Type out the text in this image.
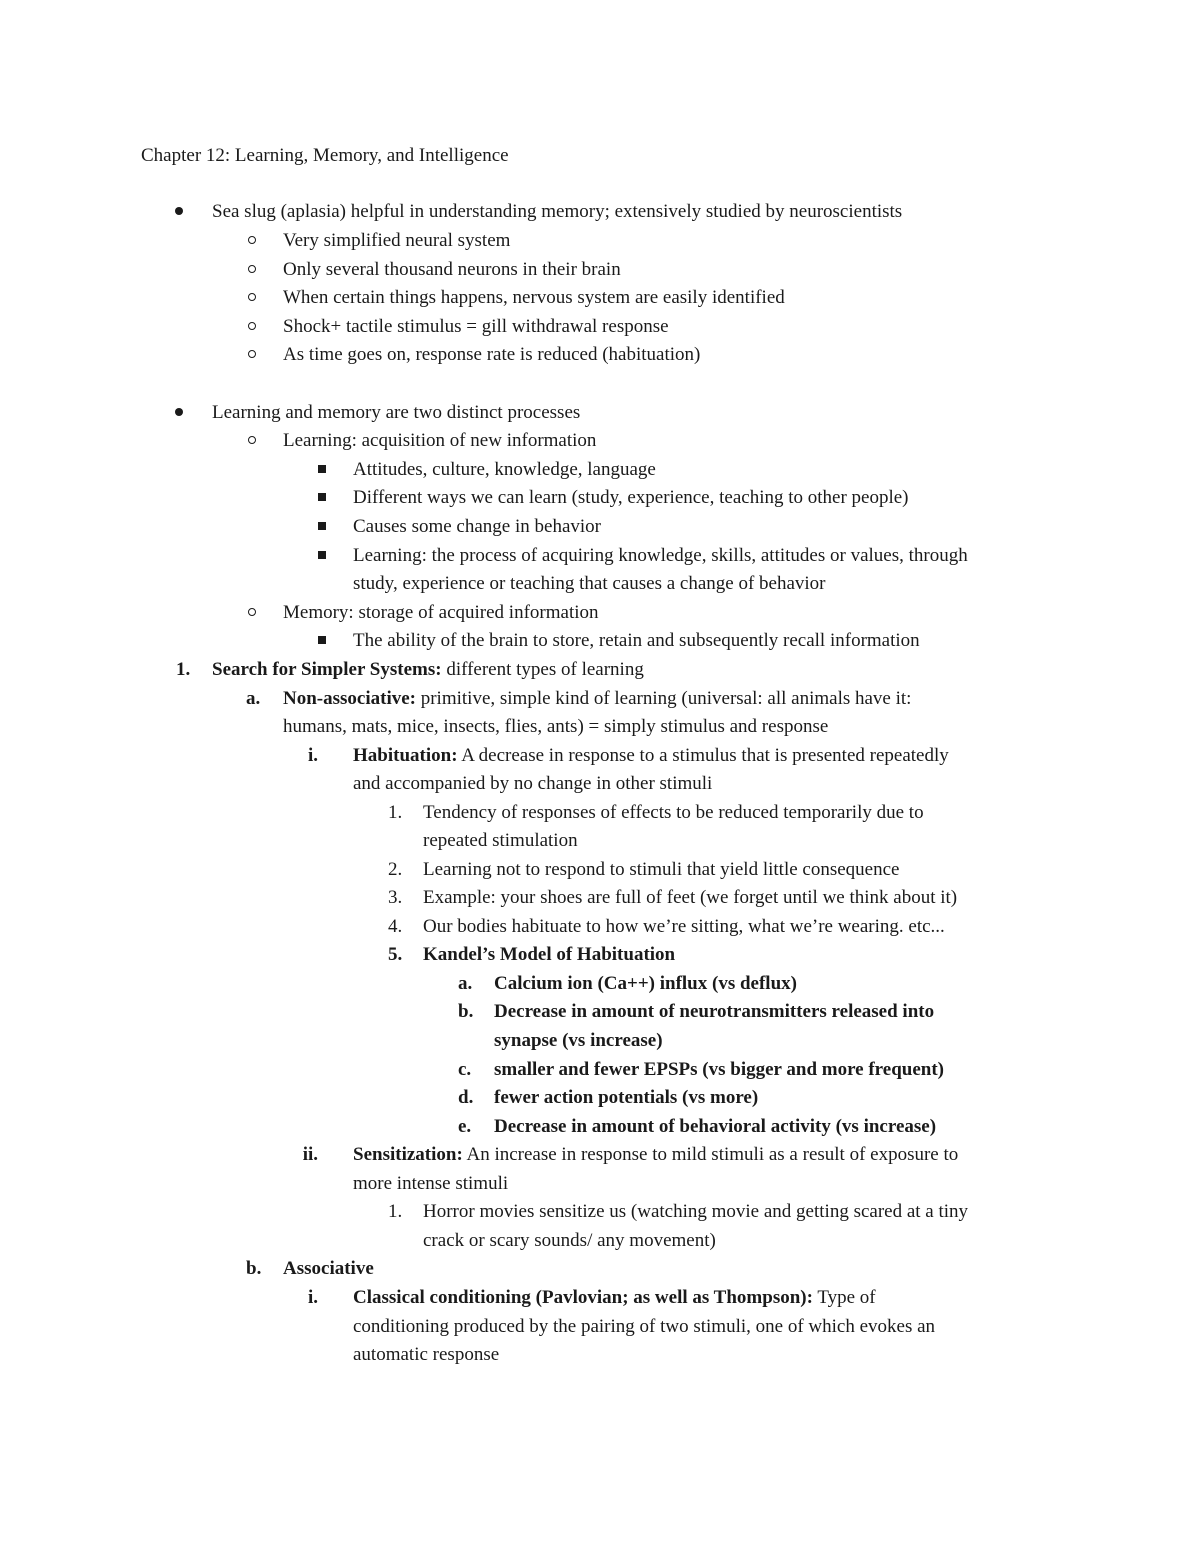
Chapter 12: Learning, Memory, and Intelligence
Sea slug (aplasia) helpful in understanding memory; extensively studied by neuroscientists
Very simplified neural system
Only several thousand neurons in their brain
When certain things happens, nervous system are easily identified
Shock+ tactile stimulus = gill withdrawal response
As time goes on, response rate is reduced (habituation)
Learning and memory are two distinct processes
Learning: acquisition of new information
Attitudes, culture, knowledge, language
Different ways we can learn (study, experience, teaching to other people)
Causes some change in behavior
Learning: the process of acquiring knowledge, skills, attitudes or values, through
study, experience or teaching that causes a change of behavior
Memory: storage of acquired information
The ability of the brain to store, retain and subsequently recall information
1. Search for Simpler Systems: different types of learning
a. Non-associative: primitive, simple kind of learning (universal: all animals have it:
humans, mats, mice, insects, flies, ants) = simply stimulus and response
i. Habituation: A decrease in response to a stimulus that is presented repeatedly
and accompanied by no change in other stimuli
1. Tendency of responses of effects to be reduced temporarily due to
repeated stimulation
2. Learning not to respond to stimuli that yield little consequence
3. Example: your shoes are full of feet (we forget until we think about it)
4. Our bodies habituate to how we’re sitting, what we’re wearing. etc...
5. Kandel’s Model of Habituation
a. Calcium ion (Ca++) influx (vs deflux)
b. Decrease in amount of neurotransmitters released into
synapse (vs increase)
c. smaller and fewer EPSPs (vs bigger and more frequent)
d. fewer action potentials (vs more)
e. Decrease in amount of behavioral activity (vs increase)
ii. Sensitization: An increase in response to mild stimuli as a result of exposure to
more intense stimuli
1. Horror movies sensitize us (watching movie and getting scared at a tiny
crack or scary sounds/ any movement)
b. Associative
i. Classical conditioning (Pavlovian; as well as Thompson): Type of
conditioning produced by the pairing of two stimuli, one of which evokes an
automatic response
